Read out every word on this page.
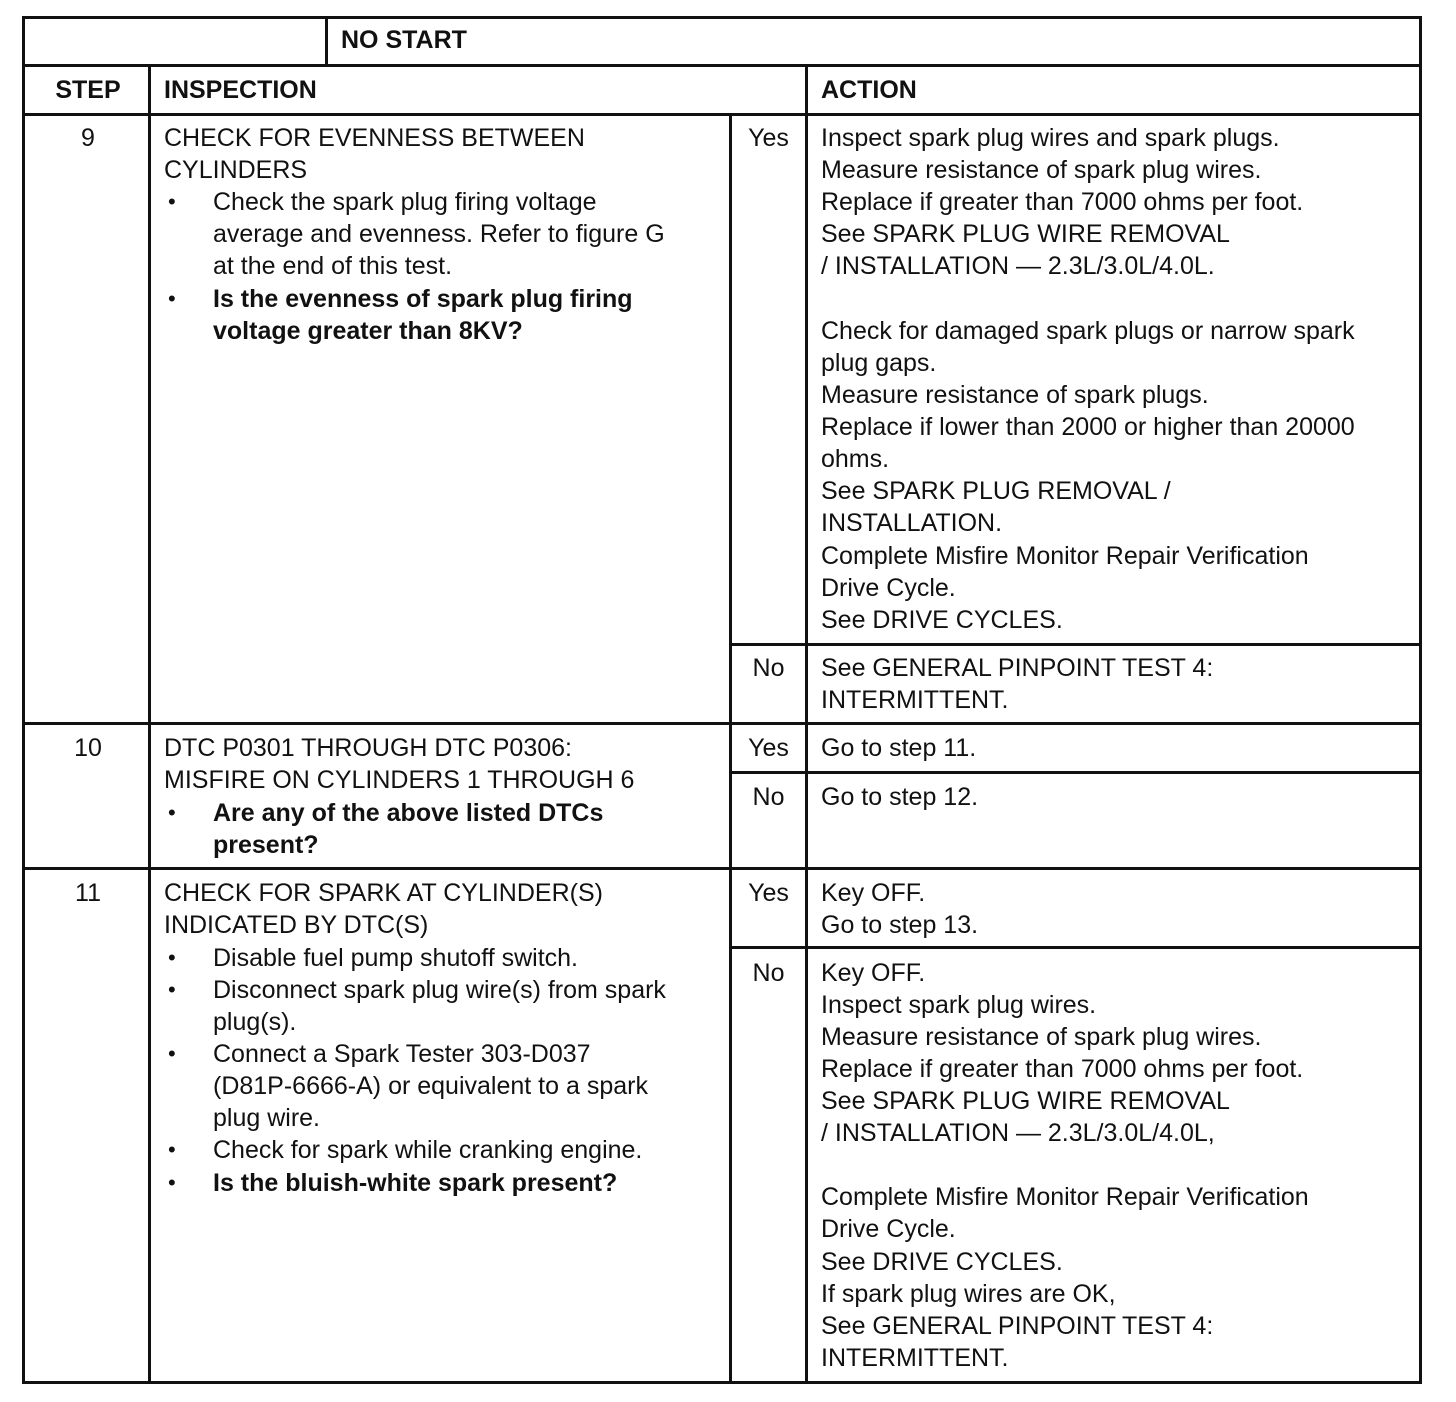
NO START
STEP	INSPECTION	ACTION
9	CHECK FOR EVENNESS BETWEEN
CYLINDERS
• Check the spark plug firing voltage
average and evenness. Refer to figure G
at the end of this test.
• Is the evenness of spark plug firing
voltage greater than 8KV?
Yes	Inspect spark plug wires and spark plugs.
Measure resistance of spark plug wires.
Replace if greater than 7000 ohms per foot.
See SPARK PLUG WIRE REMOVAL
/ INSTALLATION — 2.3L/3.0L/4.0L.
Check for damaged spark plugs or narrow spark
plug gaps.
Measure resistance of spark plugs.
Replace if lower than 2000 or higher than 20000
ohms.
See SPARK PLUG REMOVAL /
INSTALLATION.
Complete Misfire Monitor Repair Verification
Drive Cycle.
See DRIVE CYCLES.
No	See GENERAL PINPOINT TEST 4:
INTERMITTENT.
10	DTC P0301 THROUGH DTC P0306:
MISFIRE ON CYLINDERS 1 THROUGH 6
• Are any of the above listed DTCs
present?
Yes	Go to step 11.
No	Go to step 12.
11	CHECK FOR SPARK AT CYLINDER(S)
INDICATED BY DTC(S)
• Disable fuel pump shutoff switch.
• Disconnect spark plug wire(s) from spark
plug(s).
• Connect a Spark Tester 303-D037
(D81P-6666-A) or equivalent to a spark
plug wire.
• Check for spark while cranking engine.
• Is the bluish-white spark present?
Yes	Key OFF.
Go to step 13.
No	Key OFF.
Inspect spark plug wires.
Measure resistance of spark plug wires.
Replace if greater than 7000 ohms per foot.
See SPARK PLUG WIRE REMOVAL
/ INSTALLATION — 2.3L/3.0L/4.0L,
Complete Misfire Monitor Repair Verification
Drive Cycle.
See DRIVE CYCLES.
If spark plug wires are OK,
See GENERAL PINPOINT TEST 4:
INTERMITTENT.
